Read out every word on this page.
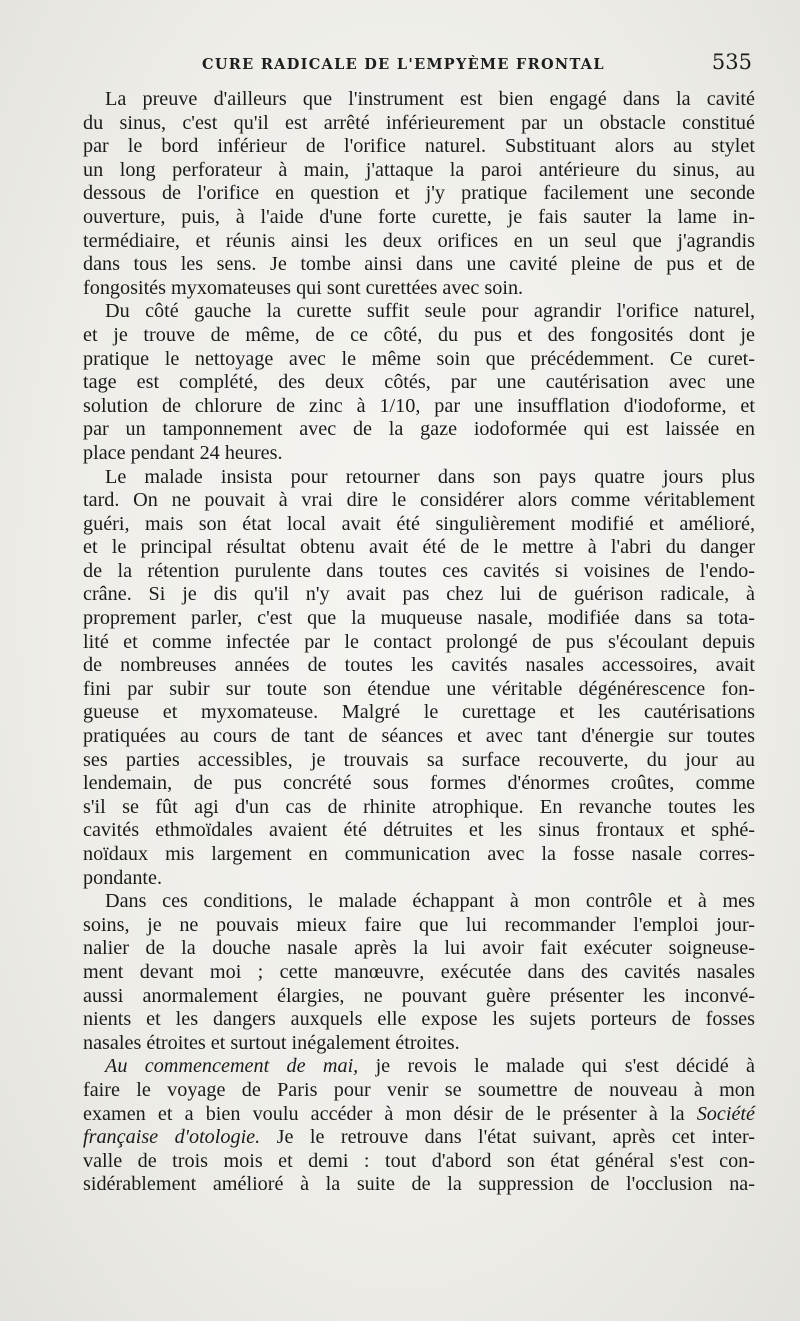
CURE RADICALE DE L'EMPYÈME FRONTAL	535

La preuve d'ailleurs que l'instrument est bien engagé dans la cavité
du sinus, c'est qu'il est arrêté inférieurement par un obstacle constitué
par le bord inférieur de l'orifice naturel. Substituant alors au stylet
un long perforateur à main, j'attaque la paroi antérieure du sinus, au
dessous de l'orifice en question et j'y pratique facilement une seconde
ouverture, puis, à l'aide d'une forte curette, je fais sauter la lame in-
termédiaire, et réunis ainsi les deux orifices en un seul que j'agrandis
dans tous les sens. Je tombe ainsi dans une cavité pleine de pus et de
fongosités myxomateuses qui sont curettées avec soin.

Du côté gauche la curette suffit seule pour agrandir l'orifice naturel,
et je trouve de même, de ce côté, du pus et des fongosités dont je
pratique le nettoyage avec le même soin que précédemment. Ce curet-
tage est complété, des deux côtés, par une cautérisation avec une
solution de chlorure de zinc à 1/10, par une insufflation d'iodoforme, et
par un tamponnement avec de la gaze iodoformée qui est laissée en
place pendant 24 heures.

Le malade insista pour retourner dans son pays quatre jours plus
tard. On ne pouvait à vrai dire le considérer alors comme véritablement
guéri, mais son état local avait été singulièrement modifié et amélioré,
et le principal résultat obtenu avait été de le mettre à l'abri du danger
de la rétention purulente dans toutes ces cavités si voisines de l'endo-
crâne. Si je dis qu'il n'y avait pas chez lui de guérison radicale, à
proprement parler, c'est que la muqueuse nasale, modifiée dans sa tota-
lité et comme infectée par le contact prolongé de pus s'écoulant depuis
de nombreuses années de toutes les cavités nasales accessoires, avait
fini par subir sur toute son étendue une véritable dégénérescence fon-
gueuse et myxomateuse. Malgré le curettage et les cautérisations
pratiquées au cours de tant de séances et avec tant d'énergie sur toutes
ses parties accessibles, je trouvais sa surface recouverte, du jour au
lendemain, de pus concrété sous formes d'énormes croûtes, comme
s'il se fût agi d'un cas de rhinite atrophique. En revanche toutes les
cavités ethmoïdales avaient été détruites et les sinus frontaux et sphé-
noïdaux mis largement en communication avec la fosse nasale corres-
pondante.

Dans ces conditions, le malade échappant à mon contrôle et à mes
soins, je ne pouvais mieux faire que lui recommander l'emploi jour-
nalier de la douche nasale après la lui avoir fait exécuter soigneuse-
ment devant moi ; cette manœuvre, exécutée dans des cavités nasales
aussi anormalement élargies, ne pouvant guère présenter les inconvé-
nients et les dangers auxquels elle expose les sujets porteurs de fosses
nasales étroites et surtout inégalement étroites.

Au commencement de mai, je revois le malade qui s'est décidé à
faire le voyage de Paris pour venir se soumettre de nouveau à mon
examen et a bien voulu accéder à mon désir de le présenter à la Société
française d'otologie. Je le retrouve dans l'état suivant, après cet inter-
valle de trois mois et demi : tout d'abord son état général s'est con-
sidérablement amélioré à la suite de la suppression de l'occlusion na-
